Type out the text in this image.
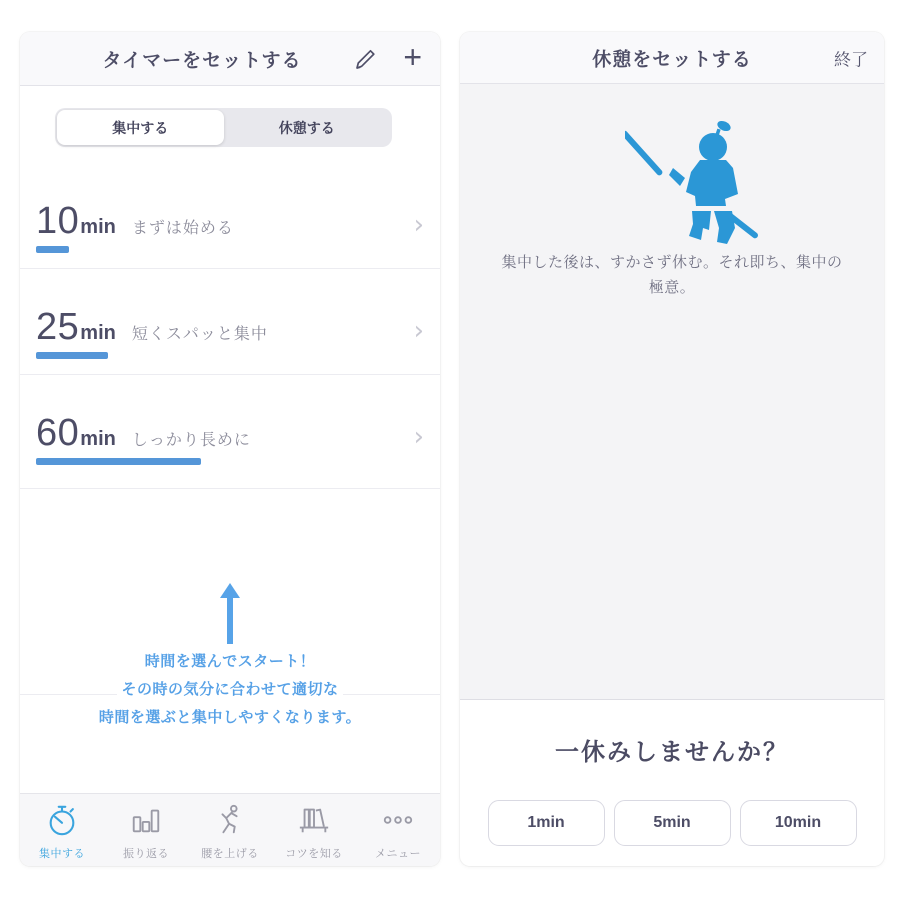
タイマーをセットする	+
集中する	休憩する
10 min まずは始める	›
25 min 短くスパッと集中	›
60 min しっかり長めに	›
時間を選んでスタート！
その時の気分に合わせて適切な
時間を選ぶと集中しやすくなります。
集中する	振り返る	腰を上げる コツを知る	メニュー
休憩をセットする	終了
集中した後は、すかさず休む。それ即ち、集中の
極意。
一休みしませんか？
1min	5min	10min
